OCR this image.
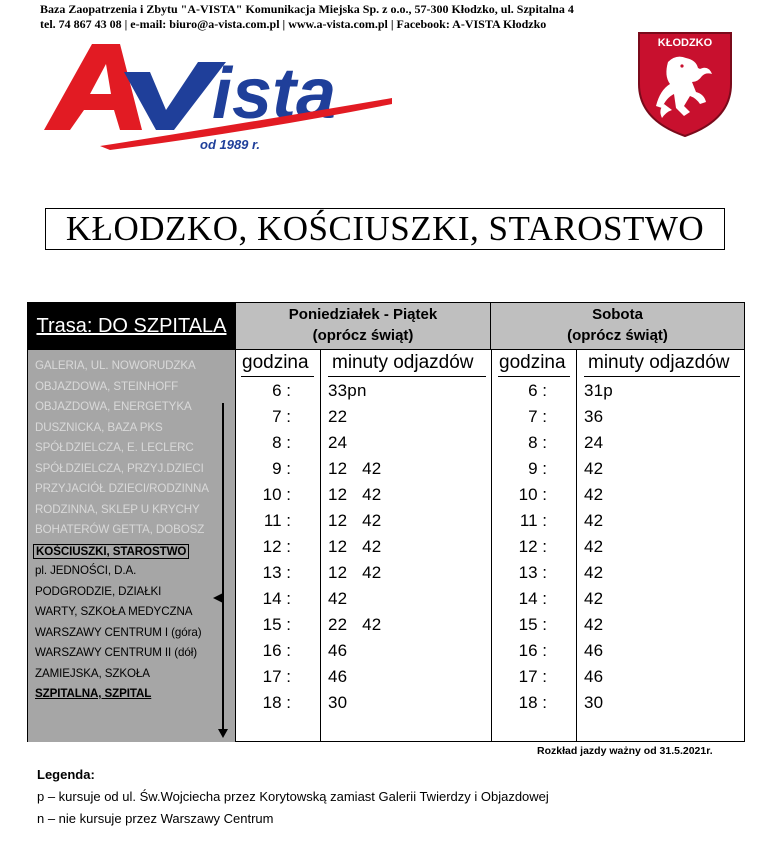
Baza Zaopatrzenia i Zbytu "A-VISTA" Komunikacja Miejska Sp. z o.o., 57-300 Kłodzko, ul. Szpitalna 4
tel. 74 867 43 08 | e-mail: biuro@a-vista.com.pl | www.a-vista.com.pl | Facebook: A-VISTA Kłodzko
ista
od 1989 r.
KŁODZKO
KŁODZKO, KOŚCIUSZKI, STAROSTWO
Trasa: DO SZPITALA
GALERIA, UL. NOWORUDZKA
OBJAZDOWA, STEINHOFF
OBJAZDOWA, ENERGETYKA
DUSZNICKA, BAZA PKS
SPÓŁDZIELCZA, E. LECLERC
SPÓŁDZIELCZA, PRZYJ.DZIECI
PRZYJACIÓŁ DZIECI/RODZINNA
RODZINNA, SKLEP U KRYCHY
BOHATERÓW GETTA, DOBOSZ
KOŚCIUSZKI, STAROSTWO
pl. JEDNOŚCI, D.A.
PODGRODZIE, DZIAŁKI
WARTY, SZKOŁA MEDYCZNA
WARSZAWY CENTRUM I (góra)
WARSZAWY CENTRUM II (dół)
ZAMIEJSKA, SZKOŁA
SZPITALNA, SZPITAL
Poniedziałek - Piątek
(oprócz świąt)
Sobota
(oprócz świąt)
godzina minuty odjazdów godzina minuty odjazdów
6 : 33pn
7 : 22
8 : 24
9 : 12   42
10 : 12   42
11 : 12   42
12 : 12   42
13 : 12   42
14 : 42
15 : 22   42
16 : 46
17 : 46
18 : 30
6 : 31p
7 : 36
8 : 24
9 : 42
10 : 42
11 : 42
12 : 42
13 : 42
14 : 42
15 : 42
16 : 46
17 : 46
18 : 30
Rozkład jazdy ważny od 31.5.2021r.
Legenda:
p – kursuje od ul. Św.Wojciecha przez Korytowską zamiast Galerii Twierdzy i Objazdowej
n – nie kursuje przez Warszawy Centrum
